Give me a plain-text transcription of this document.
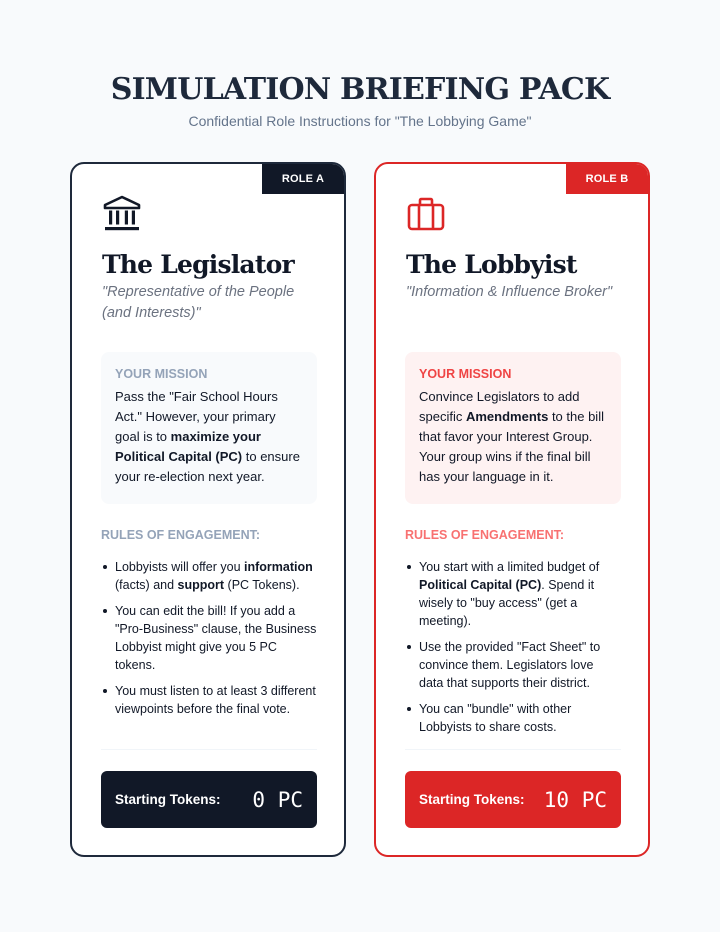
SIMULATION BRIEFING PACK
Confidential Role Instructions for "The Lobbying Game"
ROLE A
The Legislator
"Representative of the People (and Interests)"
YOUR MISSION
Pass the "Fair School Hours Act." However, your primary goal is to maximize your Political Capital (PC) to ensure your re-election next year.
RULES OF ENGAGEMENT:
Lobbyists will offer you information (facts) and support (PC Tokens).
You can edit the bill! If you add a "Pro-Business" clause, the Business Lobbyist might give you 5 PC tokens.
You must listen to at least 3 different viewpoints before the final vote.
Starting Tokens: 0 PC
ROLE B
The Lobbyist
"Information & Influence Broker"
YOUR MISSION
Convince Legislators to add specific Amendments to the bill that favor your Interest Group. Your group wins if the final bill has your language in it.
RULES OF ENGAGEMENT:
You start with a limited budget of Political Capital (PC). Spend it wisely to "buy access" (get a meeting).
Use the provided "Fact Sheet" to convince them. Legislators love data that supports their district.
You can "bundle" with other Lobbyists to share costs.
Starting Tokens: 10 PC
